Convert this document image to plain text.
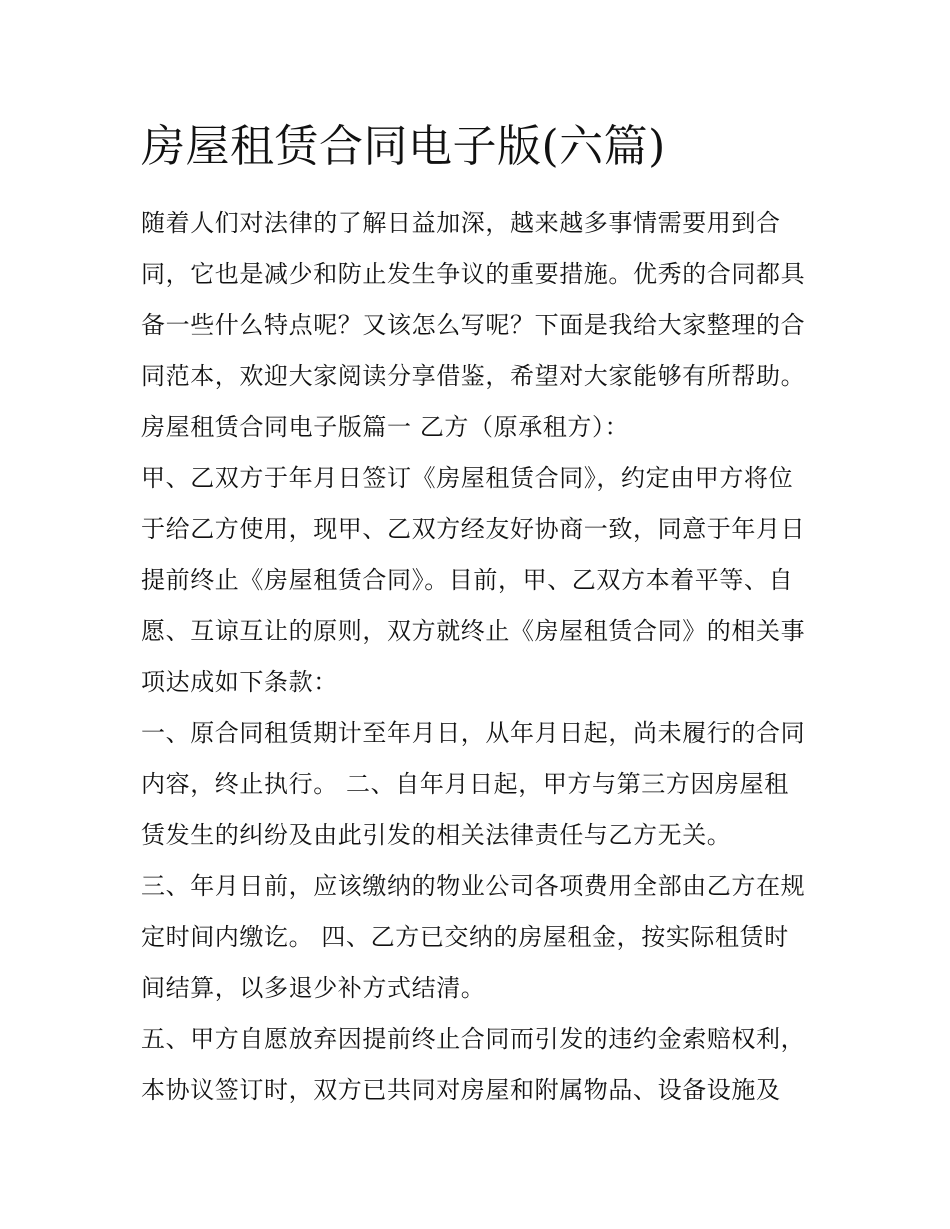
房屋租赁合同电子版(六篇)
随着人们对法律的了解日益加深，越来越多事情需要用到合
同，它也是减少和防止发生争议的重要措施。优秀的合同都具
备一些什么特点呢？又该怎么写呢？下面是我给大家整理的合
同范本，欢迎大家阅读分享借鉴，希望对大家能够有所帮助。
房屋租赁合同电子版篇一 乙方（原承租方）：
甲、乙双方于年月日签订《房屋租赁合同》，约定由甲方将位
于给乙方使用，现甲、乙双方经友好协商一致，同意于年月日
提前终止《房屋租赁合同》。目前，甲、乙双方本着平等、自
愿、互谅互让的原则，双方就终止《房屋租赁合同》的相关事
项达成如下条款：
一、原合同租赁期计至年月日，从年月日起，尚未履行的合同
内容，终止执行。 二、自年月日起，甲方与第三方因房屋租
赁发生的纠纷及由此引发的相关法律责任与乙方无关。
三、年月日前，应该缴纳的物业公司各项费用全部由乙方在规
定时间内缴讫。 四、乙方已交纳的房屋租金，按实际租赁时
间结算，以多退少补方式结清。
五、甲方自愿放弃因提前终止合同而引发的违约金索赔权利，
本协议签订时，双方已共同对房屋和附属物品、设备设施及
